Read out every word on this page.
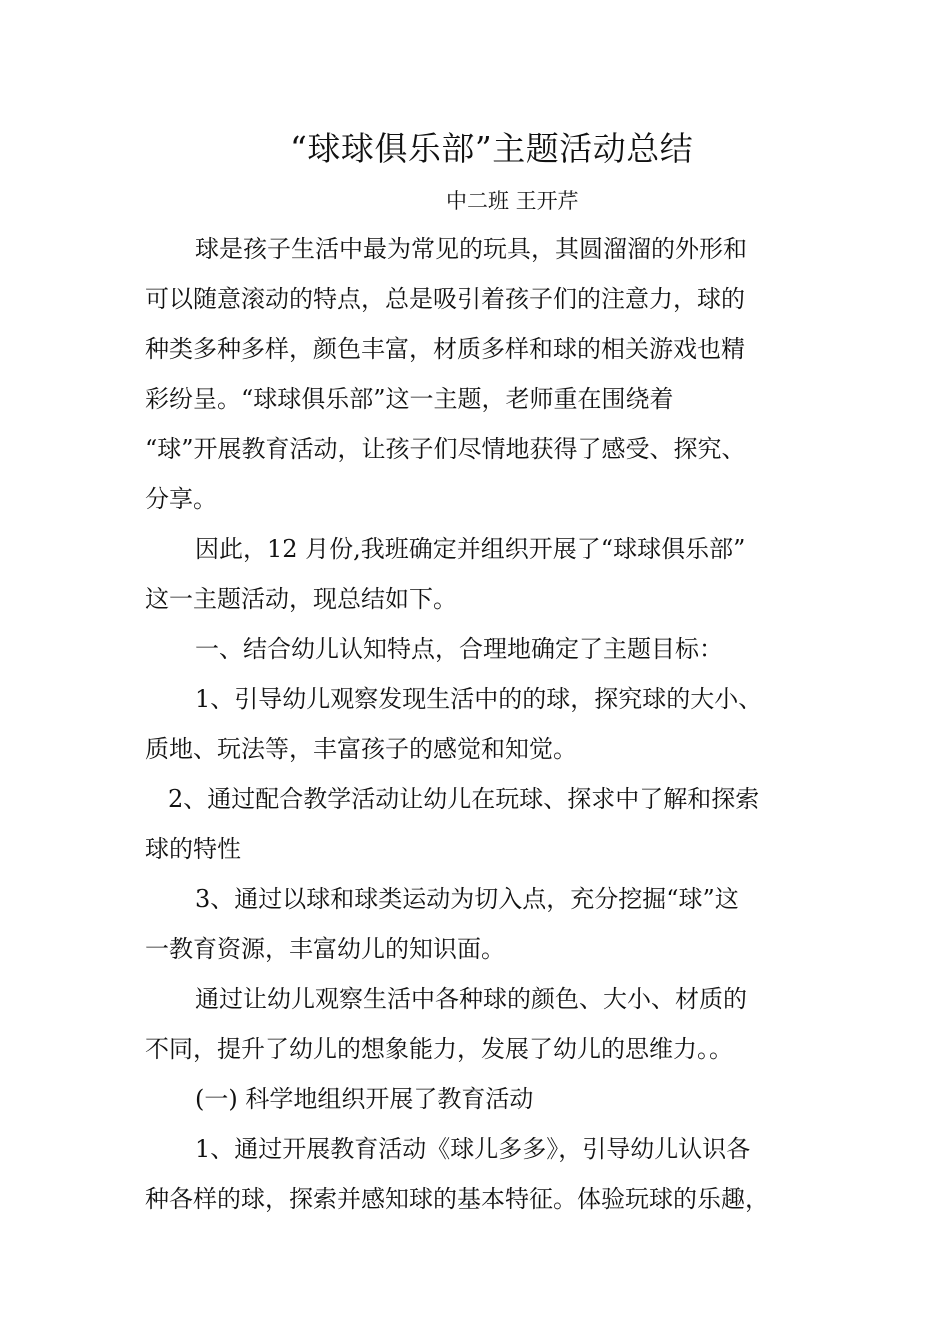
“球球俱乐部”主题活动总结
中二班 王开芹
球是孩子生活中最为常见的玩具，其圆溜溜的外形和
可以随意滚动的特点，总是吸引着孩子们的注意力，球的
种类多种多样，颜色丰富，材质多样和球的相关游戏也精
彩纷呈。“球球俱乐部”这一主题，老师重在围绕着
“球”开展教育活动，让孩子们尽情地获得了感受、探究、
分享。
因此，12 月份,我班确定并组织开展了“球球俱乐部”
这一主题活动，现总结如下。
一、结合幼儿认知特点，合理地确定了主题目标：
1、引导幼儿观察发现生活中的的球，探究球的大小、
质地、玩法等，丰富孩子的感觉和知觉。
2、通过配合教学活动让幼儿在玩球、探求中了解和探索
球的特性
3、通过以球和球类运动为切入点，充分挖掘“球”这
一教育资源，丰富幼儿的知识面。
通过让幼儿观察生活中各种球的颜色、大小、材质的
不同，提升了幼儿的想象能力，发展了幼儿的思维力。。
(一) 科学地组织开展了教育活动
1、通过开展教育活动《球儿多多》，引导幼儿认识各
种各样的球，探索并感知球的基本特征。体验玩球的乐趣，
